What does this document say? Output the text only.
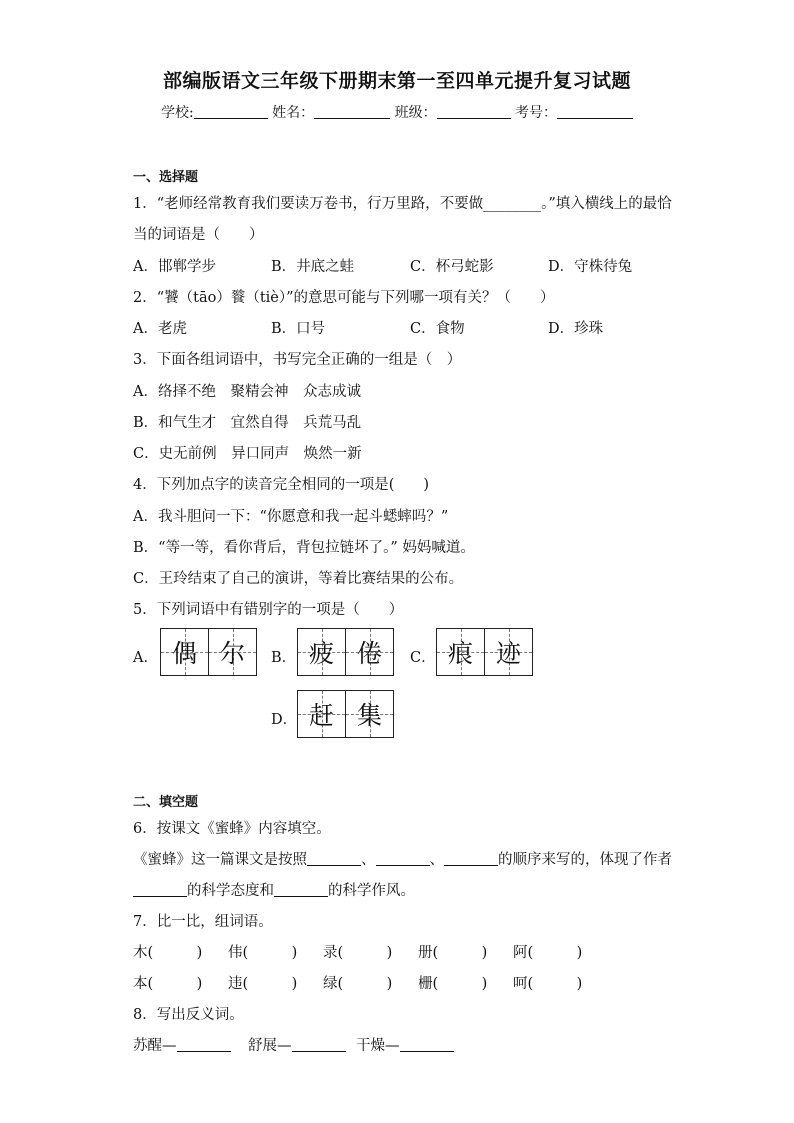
部编版语文三年级下册期末第一至四单元提升复习试题
学校:	姓名：	班级：	考号：
一、选择题
1．“老师经常教育我们要读万卷书，行万里路，不要做________。”填入横线上的最恰
当的词语是（　　）
A．邯郸学步	B．井底之蛙	C．杯弓蛇影	D．守株待兔
2．“饕（tāo）餮（tiè）”的意思可能与下列哪一项有关？（　　）
A．老虎	B．口号	C．食物	D．珍珠
3．下面各组词语中，书写完全正确的一组是（　）
A．络择不绝　聚精会神　众志成诚
B．和气生才　宜然自得　兵荒马乱
C．史无前例　异口同声　焕然一新
4．下列加点字的读音完全相同的一项是(　　)
A．我斗胆问一下：“你愿意和我一起斗蟋蟀吗？”
B．“等一等，看你背后，背包拉链坏了。” 妈妈喊道。
C．王玲结束了自己的演讲，等着比赛结果的公布。
5．下列词语中有错别字的一项是（　　）
A． 偶 尔 B． 疲 倦 C． 痕 迹
D． 赶 集
二、填空题
6．按课文《蜜蜂》内容填空。
《蜜蜂》这一篇课文是按照	、	、	的顺序来写的，体现了作者
的科学态度和	的科学作风。
7．比一比，组词语。
木(　　　) 伟(　　　) 录(　　　) 册(　　　) 阿(　　　)
本(　　　) 违(　　　) 绿(　　　) 栅(　　　) 呵(　　　)
8．写出反义词。
苏醒—	舒展—	干燥—
